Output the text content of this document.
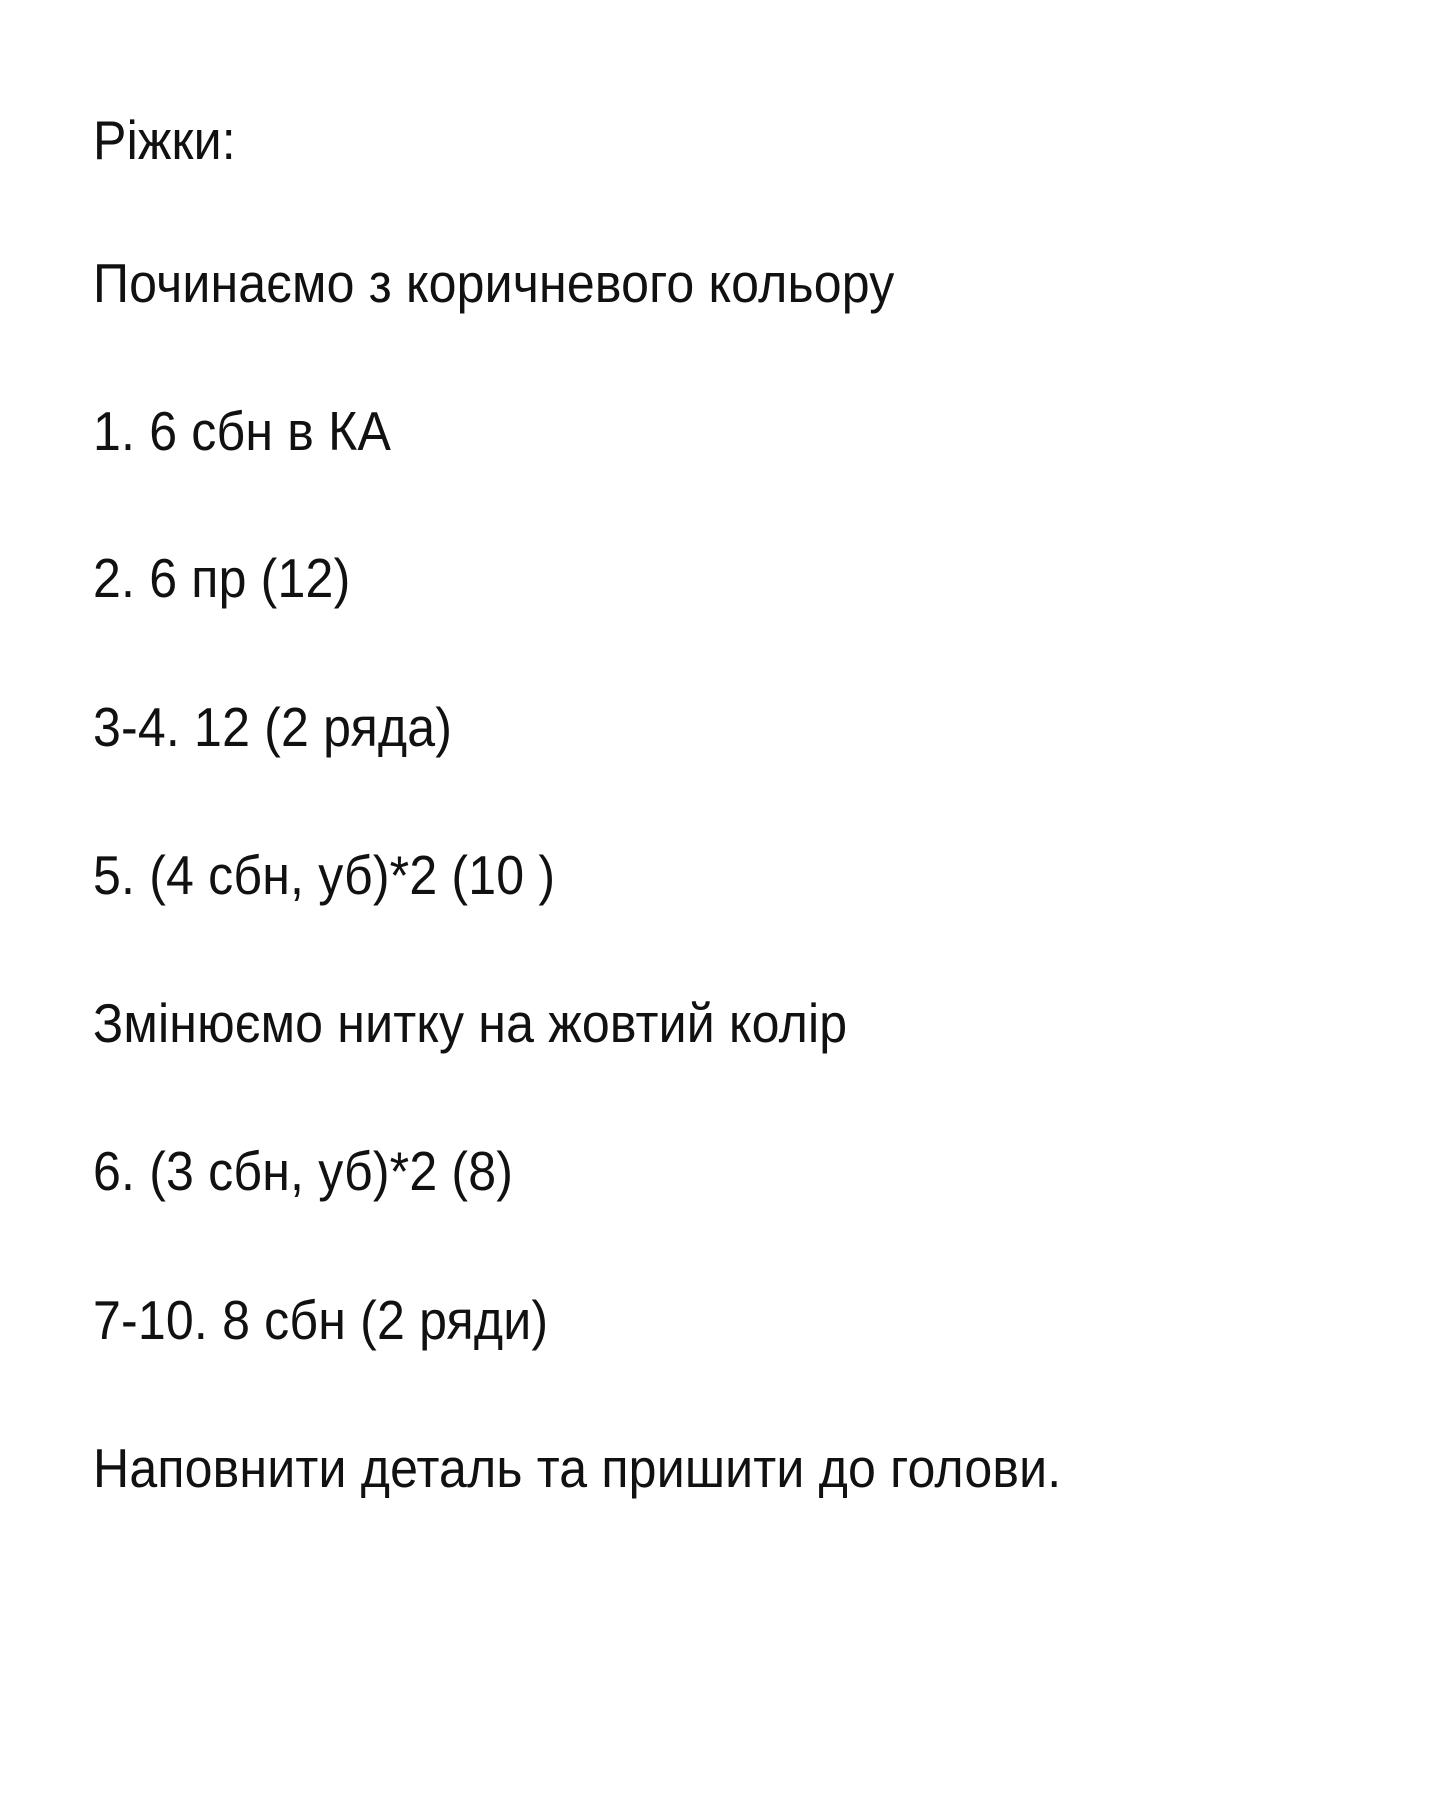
Ріжки:

Починаємо з коричневого кольору

1. 6 сбн в КА

2. 6 пр (12)

3-4. 12 (2 ряда)

5. (4 сбн, уб)*2 (10 )

Змінюємо нитку на жовтий колір

6. (3 сбн, уб)*2 (8)

7-10. 8 сбн (2 ряди)

Наповнити деталь та пришити до голови.
